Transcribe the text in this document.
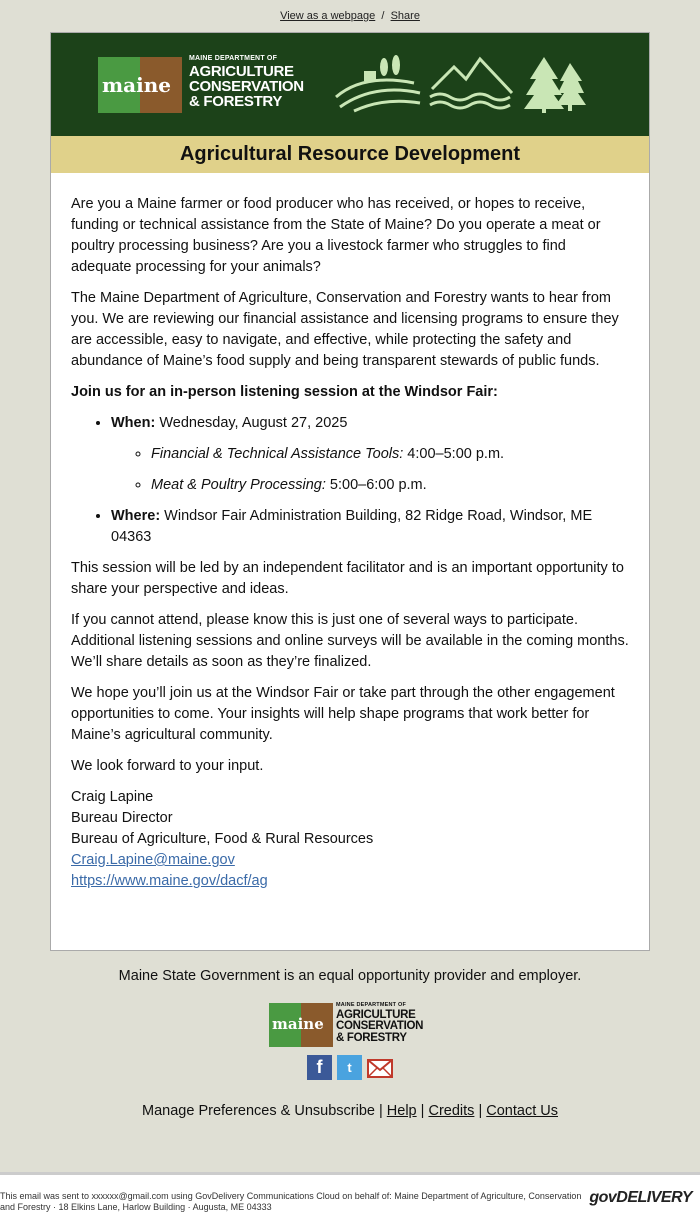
View as a webpage / Share
maine
MAINE DEPARTMENT OF
AGRICULTURE
CONSERVATION
& FORESTRY
Agricultural Resource Development

Are you a Maine farmer or food producer who has received, or hopes to receive, funding or technical assistance from the State of Maine? Do you operate a meat or poultry processing business? Are you a livestock farmer who struggles to find adequate processing for your animals?

The Maine Department of Agriculture, Conservation and Forestry wants to hear from you. We are reviewing our financial assistance and licensing programs to ensure they are accessible, easy to navigate, and effective, while protecting the safety and abundance of Maine’s food supply and being transparent stewards of public funds.

Join us for an in-person listening session at the Windsor Fair:

• When: Wednesday, August 27, 2025
◦ Financial & Technical Assistance Tools: 4:00–5:00 p.m.
◦ Meat & Poultry Processing: 5:00–6:00 p.m.
• Where: Windsor Fair Administration Building, 82 Ridge Road, Windsor, ME 04363

This session will be led by an independent facilitator and is an important opportunity to share your perspective and ideas.

If you cannot attend, please know this is just one of several ways to participate. Additional listening sessions and online surveys will be available in the coming months. We’ll share details as soon as they’re finalized.

We hope you’ll join us at the Windsor Fair or take part through the other engagement opportunities to come. Your insights will help shape programs that work better for Maine’s agricultural community.

We look forward to your input.

Craig Lapine
Bureau Director
Bureau of Agriculture, Food & Rural Resources
Craig.Lapine@maine.gov
https://www.maine.gov/dacf/ag
Maine State Government is an equal opportunity provider and employer.
maine
MAINE DEPARTMENT OF
AGRICULTURE
CONSERVATION
& FORESTRY
f	t
Manage Preferences & Unsubscribe | Help | Credits | Contact Us
This email was sent to xxxxxx@gmail.com using GovDelivery Communications Cloud on behalf of: Maine Department of Agriculture, Conservation and Forestry · 18 Elkins Lane, Harlow Building · Augusta, ME 04333
govDELIVERY
